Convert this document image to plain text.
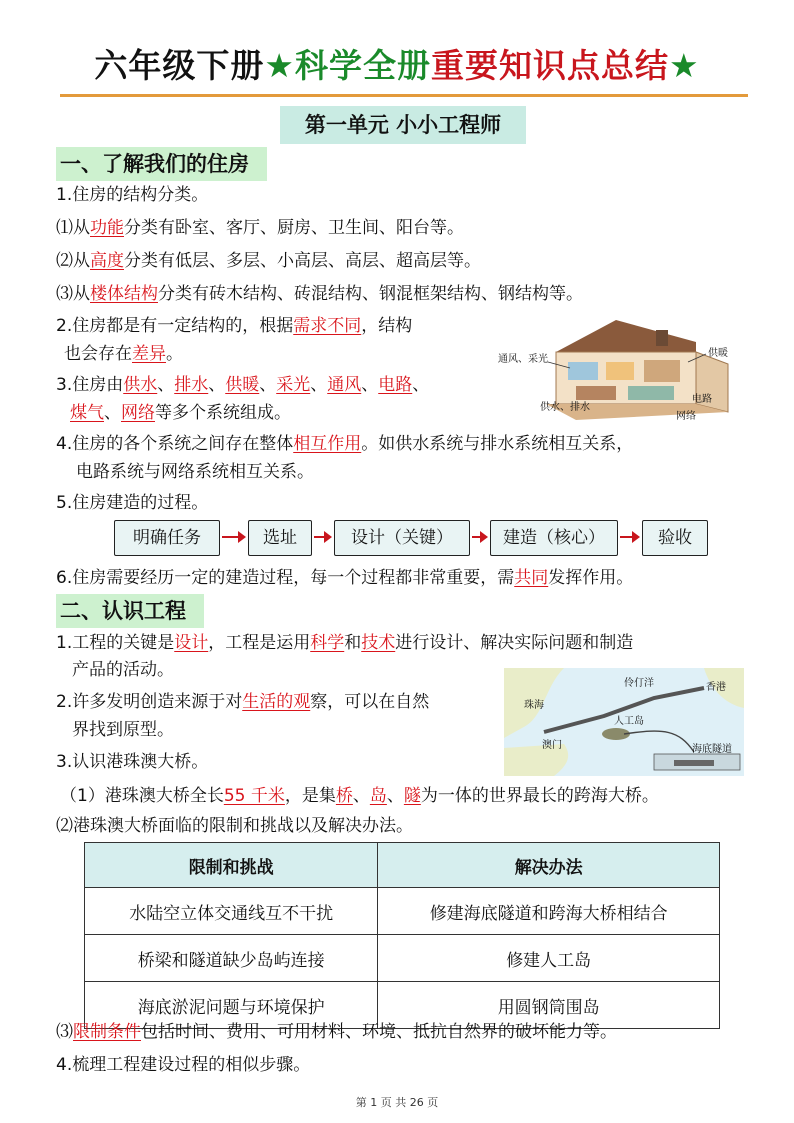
六年级下册★科学全册重要知识点总结★
第一单元 小小工程师
一、了解我们的住房
1.住房的结构分类。
⑴从功能分类有卧室、客厅、厨房、卫生间、阳台等。
⑵从高度分类有低层、多层、小高层、高层、超高层等。
⑶从楼体结构分类有砖木结构、砖混结构、钢混框架结构、钢结构等。
2.住房都是有一定结构的，根据需求不同，结构
也会存在差异。
3.住房由供水、排水、供暖、采光、通风、电路、
煤气、网络等多个系统组成。
4.住房的各个系统之间存在整体相互作用。如供水系统与排水系统相互关系，
电路系统与网络系统相互关系。
5.住房建造的过程。
通风、采光
供暖
供水、排水
电路
网络
明确任务	选址	设计（关键）	建造（核心）	验收
6.住房需要经历一定的建造过程，每一个过程都非常重要，需共同发挥作用。
二、认识工程
1.工程的关键是设计，工程是运用科学和技术进行设计、解决实际问题和制造
产品的活动。
2.许多发明创造来源于对生活的观察，可以在自然
界找到原型。
3.认识港珠澳大桥。
伶仃洋
珠海
香港
人工岛
澳门	海底隧道
（1）港珠澳大桥全长55 千米，是集桥、岛、隧为一体的世界最长的跨海大桥。
⑵港珠澳大桥面临的限制和挑战以及解决办法。
限制和挑战	解决办法
水陆空立体交通线互不干扰	修建海底隧道和跨海大桥相结合
桥梁和隧道缺少岛屿连接	修建人工岛
海底淤泥问题与环境保护	用圆钢筒围岛
⑶限制条件包括时间、费用、可用材料、环境、抵抗自然界的破坏能力等。
4.梳理工程建设过程的相似步骤。
第 1 页 共 26 页
